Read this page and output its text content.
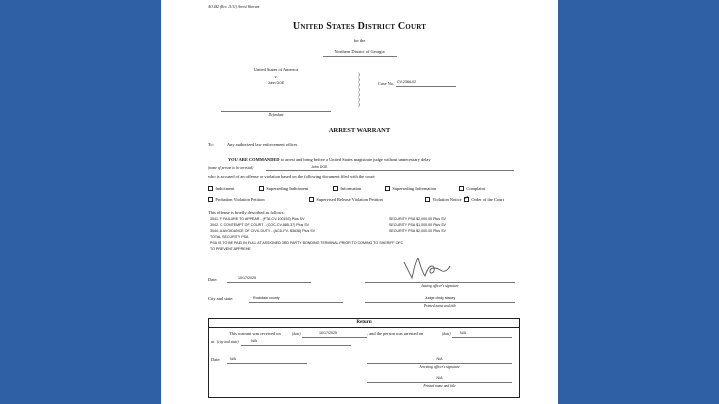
AO 442 (Rev. 11/11) Arrest Warrant
United States District Court
for the
Northern District of Georgia
United States of America
v.
John DOE
Defendant
)
)
)
)
)
)
)
Case No. CV-2366-02
ARREST WARRANT
To:	Any authorized law enforcement officer
YOU ARE COMMANDED to arrest and bring before a United States magistrate judge without unnecessary delay
(name of person to be arrested)	John DOE
who is accused of an offense or violation based on the following document filed with the court:
Indictment	Superseding Indictment	Information	Superseding Information	Complaint
Probation Violation Petition	Supervised Release Violation Petition	Violation Notice
✓	Order of the Court
This offense is briefly described as follows:
3041. F FAILURE TO APPEAR - (FTA-CV-100153) Plus SV	SECURITY PSA $2,000.00 Plus SV
3042. C CONTEMPT OF COURT - (COC-CV-885-37) Plus SV	SECURITY PSA $1,000.00 Plus SV
3044. A AVOIDANCE OF CIVIL DUTY - (ACD-FV- $3638) Plus SV	SECURITY PSA $2,000.00 Plus SV
TOTAL SECURITY PSA
PSA IS TO BE PAID IN FULL AT ASSIGNED 3RD PARTY BONDING TERMINAL PRIOR TO COMING TO SHERIFF OFC
TO PREVENT APPREHE
Date:	10/17/2025
Issuing officer's signature
City and state:	Rockdale county	Judge cindy stacey
Printed name and title
Return
This warrant was received on	(date)	10/17/2025	, and the person was arrested on	(date)	N/A
at (city and state)	N/A
Date:	N/A	N/A
Arresting officer's signature
N/A
Printed name and title
